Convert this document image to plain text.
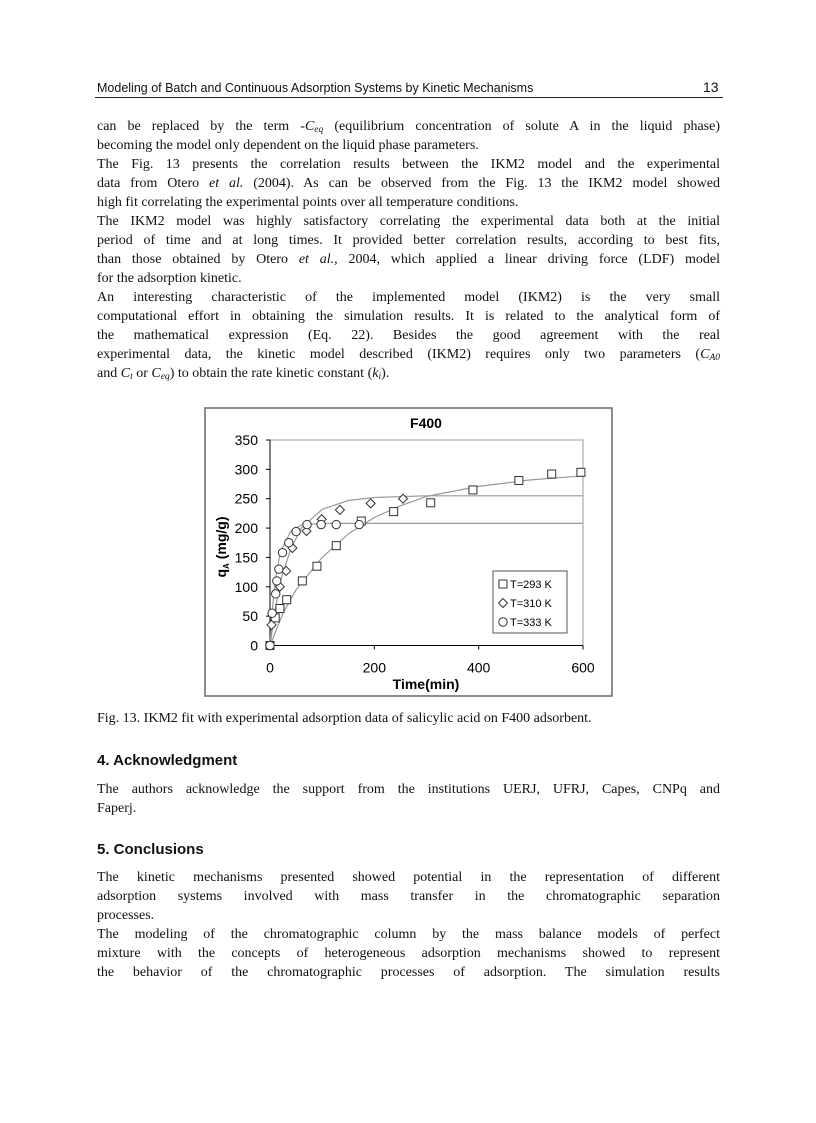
Modeling of Batch and Continuous Adsorption Systems by Kinetic Mechanisms	13
can be replaced by the term $-C_{eq}$ (equilibrium concentration of solute A in the liquid phase)
becoming the model only dependent on the liquid phase parameters.
The Fig. 13 presents the correlation results between the IKM2 model and the experimental
data from Otero et al. (2004). As can be observed from the Fig. 13 the IKM2 model showed
high fit correlating the experimental points over all temperature conditions.
The IKM2 model was highly satisfactory correlating the experimental data both at the initial
period of time and at long times. It provided better correlation results, according to best fits,
than those obtained by Otero et al., 2004, which applied a linear driving force (LDF) model
for the adsorption kinetic.
An interesting characteristic of the implemented model (IKM2) is the very small
computational effort in obtaining the simulation results. It is related to the analytical form of
the mathematical expression (Eq. 22). Besides the good agreement with the real
experimental data, the kinetic model described (IKM2) requires only two parameters ($C_{A0}$
and $C_t$ or $C_{eq}$) to obtain the rate kinetic constant $(k_i)$.
0
50
100
150
200
250
300
350
0	200	400	600
F400
Time(min)
$q_A$ (mg/g)
T=293 K
T=310 K
T=333 K
Fig. 13. IKM2 fit with experimental adsorption data of salicylic acid on F400 adsorbent.
4. Acknowledgment
The authors acknowledge the support from the institutions UERJ, UFRJ, Capes, CNPq and
Faperj.
5. Conclusions
The kinetic mechanisms presented showed potential in the representation of different
adsorption systems involved with mass transfer in the chromatographic separation
processes.
The modeling of the chromatographic column by the mass balance models of perfect
mixture with the concepts of heterogeneous adsorption mechanisms showed to represent
the behavior of the chromatographic processes of adsorption. The simulation results
